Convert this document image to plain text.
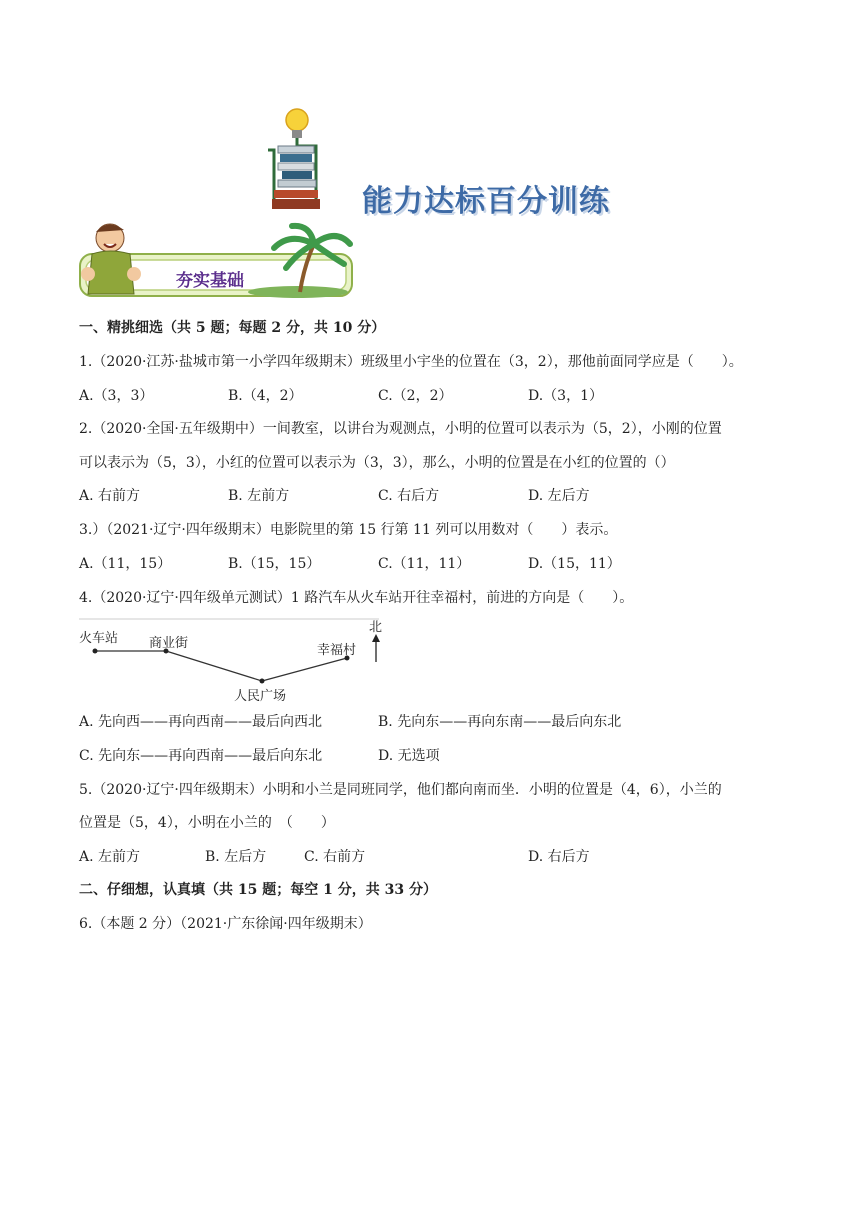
能力达标百分训练
夯实基础
一、精挑细选（共 5 题；每题 2 分，共 10 分）
1.（2020·江苏·盐城市第一小学四年级期末）班级里小宇坐的位置在（3，2），那他前面同学应是（　　）。
A.（3，3）	B.（4，2）	C.（2，2）	D.（3，1）
2.（2020·全国·五年级期中）一间教室，以讲台为观测点，小明的位置可以表示为（5，2），小刚的位置
可以表示为（5，3），小红的位置可以表示为（3，3），那么，小明的位置是在小红的位置的（）
A. 右前方	B. 左前方	C. 右后方	D. 左后方
3.）（2021·辽宁·四年级期末）电影院里的第 15 行第 11 列可以用数对（　　）表示。
A.（11，15）	B.（15，15）	C.（11，11）	D.（15，11）
4.（2020·辽宁·四年级单元测试）1 路汽车从火车站开往幸福村，前进的方向是（　　）。
火车站 商业街	幸福村
人民广场
北
A. 先向西——再向西南——最后向西北	B. 先向东——再向东南——最后向东北
C. 先向东——再向西南——最后向东北	D. 无选项
5.（2020·辽宁·四年级期末）小明和小兰是同班同学，他们都向南而坐．小明的位置是（4，6），小兰的
位置是（5，4），小明在小兰的　（　　）
A. 左前方	B. 左后方	C. 右前方	D. 右后方
二、仔细想，认真填（共 15 题；每空 1 分，共 33 分）
6.（本题 2 分）（2021·广东徐闻·四年级期末）
